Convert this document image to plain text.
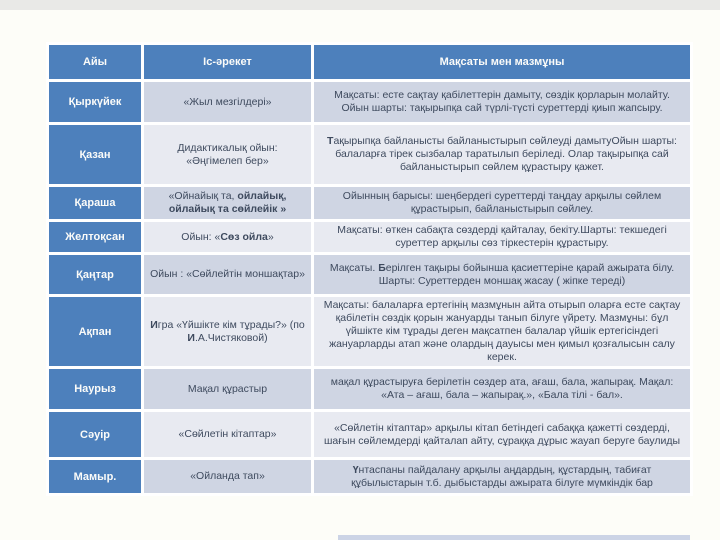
Айы	Іс-әрекет	Мақсаты мен мазмұны
Қыркүйек	«Жыл мезгілдері»	Мақсаты: есте сақтау қабілеттерін дамыту, сөздік қорларын молайту. Ойын шарты: тақырыпқа сай түрлі-түсті суреттерді қиып жапсыру.
Қазан	Дидактикалық ойын: «Әңгімелеп бер»	Тақырыпқа байланысты байланыстырып сөйлеуді дамытуОйын шарты: балаларға тірек сызбалар таратылып беріледі. Олар тақырыпқа сай байланыстырып сөйлем құрастыру қажет.
Қараша	«Ойнайық та, ойлайық, ойлайық та сөйлейік »	Ойынның барысы: шеңбердегі суреттерді таңдау арқылы сөйлем құрастырып, байланыстырып сөйлеу.
Желтоқсан	Ойын: «Сөз ойла»	Мақсаты: өткен сабақта сөздерді қайталау, бекіту.Шарты: текшедегі суреттер арқылы сөз тіркестерін құрастыру.
Қаңтар	Ойын : «Сөйлейтін моншақтар»	Мақсаты. Берілген тақыры бойынша қасиеттеріне қарай ажырата білу. Шарты: Суреттерден моншақ жасау ( жіпке тереді)
Ақпан	Игра «Үйшікте кім тұрады?» (по И.А.Чистяковой)	Мақсаты: балаларға ертегінің мазмұнын айта отырып оларға есте сақтау қабілетін сөздік қорын жануарды танып білуге үйрету. Мазмұны: бұл үйшікте кім тұрады деген мақсатпен балалар үйшік ертегісіндегі жануарларды атап және олардың дауысы мен қимыл қозғалысын салу керек.
Наурыз	Мақал құрастыр	мақал құрастыруға берілетін сөздер ата, ағаш, бала, жапырақ. Мақал: «Ата – ағаш, бала – жапырақ.», «Бала тілі - бал».
Сәуір	«Сөйлетін кітаптар»	«Сөйлетін кітаптар» арқылы кітап бетіндегі сабаққа қажетті сөздерді, шағын сөйлемдерді қайталап айту, сұраққа дұрыс жауап беруге баулиды
Мамыр.	«Ойланда тап»	Үнтаспаны пайдалану арқылы аңдардың, құстардың, табиғат құбылыстарын т.б. дыбыстарды ажырата білуге мүмкіндік бар
